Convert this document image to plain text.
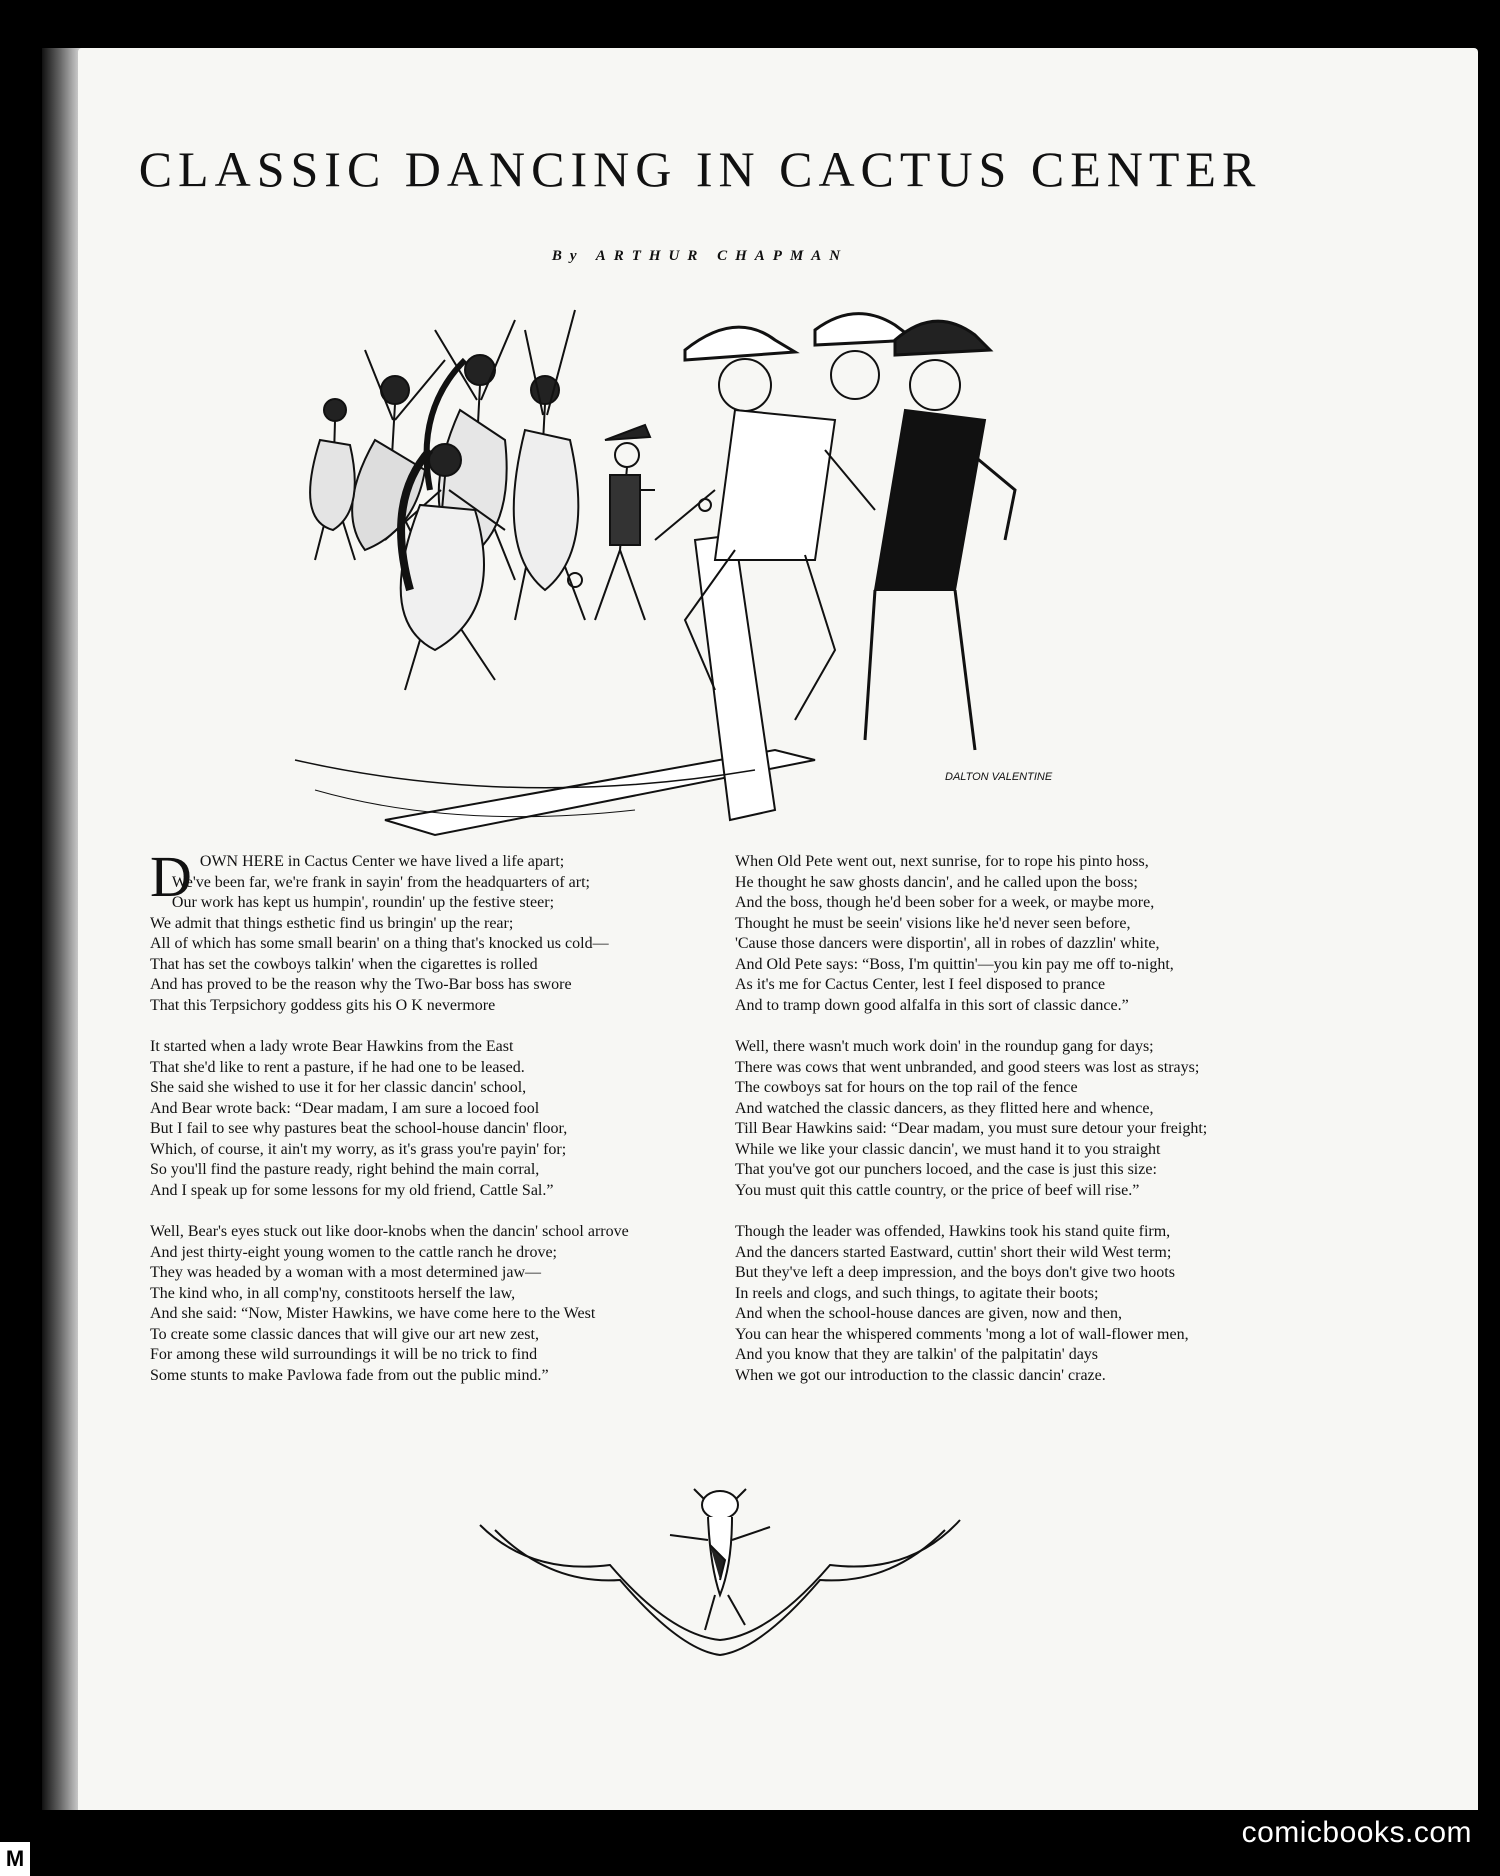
CLASSIC DANCING IN CACTUS CENTER
By ARTHUR CHAPMAN
DALTON VALENTINE
D OWN HERE in Cactus Center we have lived a life apart;
We've been far, we're frank in sayin' from the headquarters of art;
Our work has kept us humpin', roundin' up the festive steer;
We admit that things esthetic find us bringin' up the rear;
All of which has some small bearin' on a thing that's knocked us cold—
That has set the cowboys talkin' when the cigarettes is rolled
And has proved to be the reason why the Two-Bar boss has swore
That this Terpsichory goddess gits his O K nevermore
It started when a lady wrote Bear Hawkins from the East
That she'd like to rent a pasture, if he had one to be leased.
She said she wished to use it for her classic dancin' school,
And Bear wrote back: “Dear madam, I am sure a locoed fool
But I fail to see why pastures beat the school-house dancin' floor,
Which, of course, it ain't my worry, as it's grass you're payin' for;
So you'll find the pasture ready, right behind the main corral,
And I speak up for some lessons for my old friend, Cattle Sal.”
Well, Bear's eyes stuck out like door-knobs when the dancin' school arrove
And jest thirty-eight young women to the cattle ranch he drove;
They was headed by a woman with a most determined jaw—
The kind who, in all comp'ny, constitoots herself the law,
And she said: “Now, Mister Hawkins, we have come here to the West
To create some classic dances that will give our art new zest,
For among these wild surroundings it will be no trick to find
Some stunts to make Pavlowa fade from out the public mind.”
When Old Pete went out, next sunrise, for to rope his pinto hoss,
He thought he saw ghosts dancin', and he called upon the boss;
And the boss, though he'd been sober for a week, or maybe more,
Thought he must be seein' visions like he'd never seen before,
'Cause those dancers were disportin', all in robes of dazzlin' white,
And Old Pete says: “Boss, I'm quittin'—you kin pay me off to-night,
As it's me for Cactus Center, lest I feel disposed to prance
And to tramp down good alfalfa in this sort of classic dance.”
Well, there wasn't much work doin' in the roundup gang for days;
There was cows that went unbranded, and good steers was lost as strays;
The cowboys sat for hours on the top rail of the fence
And watched the classic dancers, as they flitted here and whence,
Till Bear Hawkins said: “Dear madam, you must sure detour your freight;
While we like your classic dancin', we must hand it to you straight
That you've got our punchers locoed, and the case is just this size:
You must quit this cattle country, or the price of beef will rise.”
Though the leader was offended, Hawkins took his stand quite firm,
And the dancers started Eastward, cuttin' short their wild West term;
But they've left a deep impression, and the boys don't give two hoots
In reels and clogs, and such things, to agitate their boots;
And when the school-house dances are given, now and then,
You can hear the whispered comments 'mong a lot of wall-flower men,
And you know that they are talkin' of the palpitatin' days
When we got our introduction to the classic dancin' craze.
M
comicbooks.com
